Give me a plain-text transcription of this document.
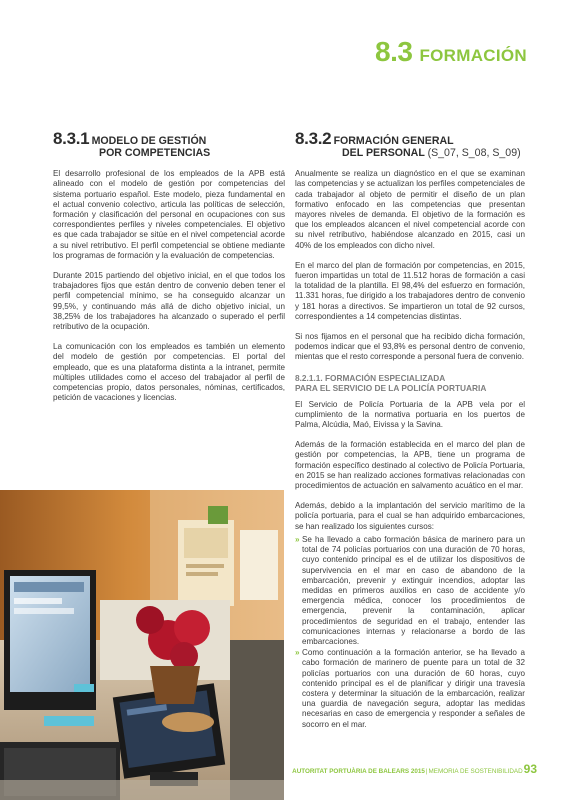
8.3 FORMACIÓN
8.3.1 MODELO DE GESTIÓN
POR COMPETENCIAS

El desarrollo profesional de los empleados de la APB está alineado con el modelo de gestión por competencias del sistema portuario español. Este modelo, pieza fundamental en el actual convenio colectivo, articula las políticas de selección, formación y clasificación del personal en ocupaciones con sus correspondientes perfiles y niveles competenciales. El objetivo es que cada trabajador se sitúe en el nivel competencial acorde a su nivel retributivo. El perfil competencial se obtiene mediante los programas de formación y la evaluación de competencias.

Durante 2015 partiendo del objetivo inicial, en el que todos los trabajadores fijos que están dentro de convenio deben tener el perfil competencial mínimo, se ha conseguido alcanzar un 99,5%, y continuando más allá de dicho objetivo inicial, un 38,25% de los trabajadores ha alcanzado o superado el perfil retributivo de la ocupación.

La comunicación con los empleados es también un elemento del modelo de gestión por competencias. El portal del empleado, que es una plataforma distinta a la intranet, permite múltiples utilidades como el acceso del trabajador al perfil de competencias propio, datos personales, nóminas, certificados, petición de vacaciones y licencias.

8.3.2 FORMACIÓN GENERAL
DEL PERSONAL (S_07, S_08, S_09)

Anualmente se realiza un diagnóstico en el que se examinan las competencias y se actualizan los perfiles competenciales de cada trabajador al objeto de permitir el diseño de un plan formativo enfocado en las competencias que presentan mayores niveles de demanda. El objetivo de la formación es que los empleados alcancen el nivel competencial acorde con su nivel retributivo, habiéndose alcanzado en 2015, casi un 40% de los empleados con dicho nivel.

En el marco del plan de formación por competencias, en 2015, fueron impartidas un total de 11.512 horas de formación a casi la totalidad de la plantilla. El 98,4% del esfuerzo en formación, 11.331 horas, fue dirigido a los trabajadores dentro de convenio y 181 horas a directivos. Se impartieron un total de 92 cursos, correspondientes a 14 competencias distintas.

Si nos fijamos en el personal que ha recibido dicha formación, podemos indicar que el 93,8% es personal dentro de convenio, mientas que el resto corresponde a personal fuera de convenio.

8.2.1.1. FORMACIÓN ESPECIALIZADA
PARA EL SERVICIO DE LA POLICÍA PORTUARIA

El Servicio de Policía Portuaria de la APB vela por el cumplimiento de la normativa portuaria en los puertos de Palma, Alcúdia, Maó, Eivissa y la Savina.

Además de la formación establecida en el marco del plan de gestión por competencias, la APB, tiene un programa de formación específico destinado al colectivo de Policía Portuaria, en 2015 se han realizado acciones formativas relacionadas con procedimientos de actuación en salvamento acuático en el mar.

Además, debido a la implantación del servicio marítimo de la policía portuaria, para el cual se han adquirido embarcaciones, se han realizado los siguientes cursos:

» Se ha llevado a cabo formación básica de marinero para un total de 74 policías portuarios con una duración de 70 horas, cuyo contenido principal es el de utilizar los dispositivos de supervivencia en el mar en caso de abandono de la embarcación, prevenir y extinguir incendios, adoptar las medidas en primeros auxilios en caso de accidente y/o emergencia médica, conocer los procedimientos de emergencia, prevenir la contaminación, aplicar procedimientos de seguridad en el trabajo, entender las comunicaciones internas y relacionarse a bordo de las embarcaciones.
» Como continuación a la formación anterior, se ha llevado a cabo formación de marinero de puente para un total de 32 policías portuarios con una duración de 60 horas, cuyo contenido principal es el de planificar y dirigir una travesía costera y determinar la situación de la embarcación, realizar una guardia de navegación segura, adoptar las medidas necesarias en caso de emergencia y responder a señales de socorro en el mar.
AUTORITAT PORTUÀRIA DE BALEARS 2015 | MEMORIA DE SOSTENIBILIDAD 93
